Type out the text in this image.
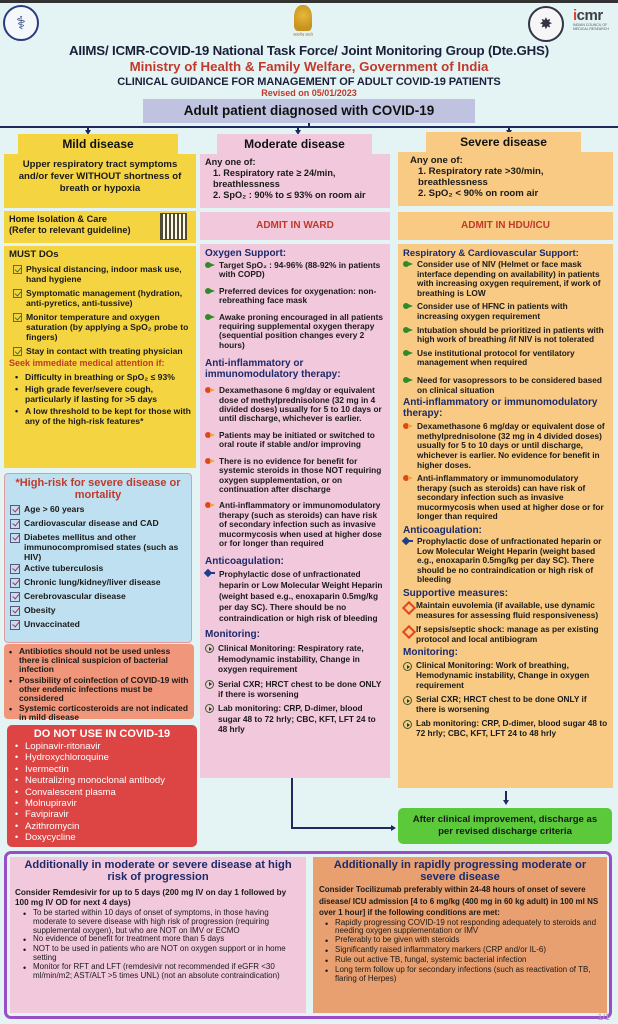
⚕
सत्यमेव जयते
✸
icmr
INDIAN COUNCIL OF MEDICAL RESEARCH
AIIMS/ ICMR-COVID-19 National Task Force/ Joint Monitoring Group (Dte.GHS)
Ministry of Health & Family Welfare, Government of India
CLINICAL GUIDANCE FOR MANAGEMENT OF ADULT COVID-19 PATIENTS
Revised on 05/01/2023
Adult patient diagnosed with COVID-19
Mild disease
Upper respiratory tract symptoms and/or fever WITHOUT shortness of breath or hypoxia
Home Isolation & Care
(Refer to relevant guideline)
MUST DOs
Physical distancing, indoor mask use, hand hygiene
Symptomatic management (hydration, anti-pyretics, anti-tussive)
Monitor temperature and oxygen saturation (by applying a SpO₂ probe to fingers)
Stay in contact with treating physician
Seek immediate medical attention if:
• Difficulty in breathing or SpO₂ ≤ 93%
• High grade fever/severe cough, particularly if lasting for >5 days
• A low threshold to be kept for those with any of the high-risk features*
*High-risk for severe disease or mortality
Age > 60 years
Cardiovascular disease and CAD
Diabetes mellitus and other immunocompromised states (such as HIV)
Active tuberculosis
Chronic lung/kidney/liver disease
Cerebrovascular disease
Obesity
Unvaccinated
• Antibiotics should not be used unless there is clinical suspicion of bacterial infection
• Possibility of coinfection of COVID-19 with other endemic infections must be considered
• Systemic corticosteroids are not indicated in mild disease
DO NOT USE IN COVID-19
• Lopinavir-ritonavir
• Hydroxychloroquine
• Ivermectin
• Neutralizing monoclonal antibody
• Convalescent plasma
• Molnupiravir
• Favipiravir
• Azithromycin
• Doxycycline
Moderate disease
Any one of:
1. Respiratory rate ≥ 24/min, breathlessness
2. SpO₂ : 90% to ≤ 93% on room air
ADMIT IN WARD
Oxygen Support:
Target SpO₂ : 94-96% (88-92% in patients with COPD)
Preferred devices for oxygenation: non-rebreathing face mask
Awake proning encouraged in all patients requiring supplemental oxygen therapy (sequential position changes every 2 hours)
Anti-inflammatory or immunomodulatory therapy:
Dexamethasone 6 mg/day or equivalent dose of methylprednisolone (32 mg in 4 divided doses) usually for 5 to 10 days or until discharge, whichever is earlier.
Patients may be initiated or switched to oral route if stable and/or improving
There is no evidence for benefit for systemic steroids in those NOT requiring oxygen supplementation, or on continuation after discharge
Anti-inflammatory or immunomodulatory therapy (such as steroids) can have risk of secondary infection such as invasive mucormycosis when used at higher dose or for longer than required
Anticoagulation:
Prophylactic dose of unfractionated heparin or Low Molecular Weight Heparin (weight based e.g., enoxaparin 0.5mg/kg per day SC). There should be no contraindication or high risk of bleeding
Monitoring:
Clinical Monitoring: Respiratory rate, Hemodynamic instability, Change in oxygen requirement
Serial CXR; HRCT chest to be done ONLY if there is worsening
Lab monitoring: CRP, D-dimer, blood sugar 48 to 72 hrly; CBC, KFT, LFT 24 to 48 hrly
Severe disease
Any one of:
1. Respiratory rate >30/min, breathlessness
2. SpO₂ < 90% on room air
ADMIT IN HDU/ICU
Respiratory & Cardiovascular Support:
Consider use of NIV (Helmet or face mask interface depending on availability) in patients with increasing oxygen requirement, if work of breathing is LOW
Consider use of HFNC in patients with increasing oxygen requirement
Intubation should be prioritized in patients with high work of breathing /if NIV is not tolerated
Use institutional protocol for ventilatory management when required
Need for vasopressors to be considered based on clinical situation
Anti-inflammatory or immunomodulatory therapy:
Dexamethasone 6 mg/day or equivalent dose of methylprednisolone (32 mg in 4 divided doses) usually for 5 to 10 days or until discharge, whichever is earlier. No evidence for benefit in higher doses.
Anti-inflammatory or immunomodulatory therapy (such as steroids) can have risk of secondary infection such as invasive mucormycosis when used at higher dose or for longer than required
Anticoagulation:
Prophylactic dose of unfractionated heparin or Low Molecular Weight Heparin (weight based e.g., enoxaparin 0.5mg/kg per day SC). There should be no contraindication or high risk of bleeding
Supportive measures:
Maintain euvolemia (if available, use dynamic measures for assessing fluid responsiveness)
If sepsis/septic shock: manage as per existing protocol and local antibiogram
Monitoring:
Clinical Monitoring: Work of breathing, Hemodynamic instability, Change in oxygen requirement
Serial CXR; HRCT chest to be done ONLY if there is worsening
Lab monitoring: CRP, D-dimer, blood sugar 48 to 72 hrly; CBC, KFT, LFT 24 to 48 hrly
After clinical improvement, discharge as per revised discharge criteria
Additionally in moderate or severe disease at high risk of progression
Consider Remdesivir for up to 5 days (200 mg IV on day 1 followed by 100 mg IV OD for next 4 days)
• To be started within 10 days of onset of symptoms, in those having moderate to severe disease with high risk of progression (requiring supplemental oxygen), but who are NOT on IMV or ECMO
• No evidence of benefit for treatment more than 5 days
• NOT to be used in patients who are NOT on oxygen support or in home setting
• Monitor for RFT and LFT (remdesivir not recommended if eGFR <30 ml/min/m2; AST/ALT >5 times UNL) (not an absolute contraindication)
Additionally in rapidly progressing moderate or severe disease
Consider Tocilizumab preferably within 24-48 hours of onset of severe disease/ ICU admission [4 to 6 mg/kg (400 mg in 60 kg adult) in 100 ml NS over 1 hour] if the following conditions are met:
• Rapidly progressing COVID-19 not responding adequately to steroids and needing oxygen supplementation or IMV
• Preferably to be given with steroids
• Significantly raised inflammatory markers (CRP and/or IL-6)
• Rule out active TB, fungal, systemic bacterial infection
• Long term follow up for secondary infections (such as reactivation of TB, flaring of Herpes)
1/1
